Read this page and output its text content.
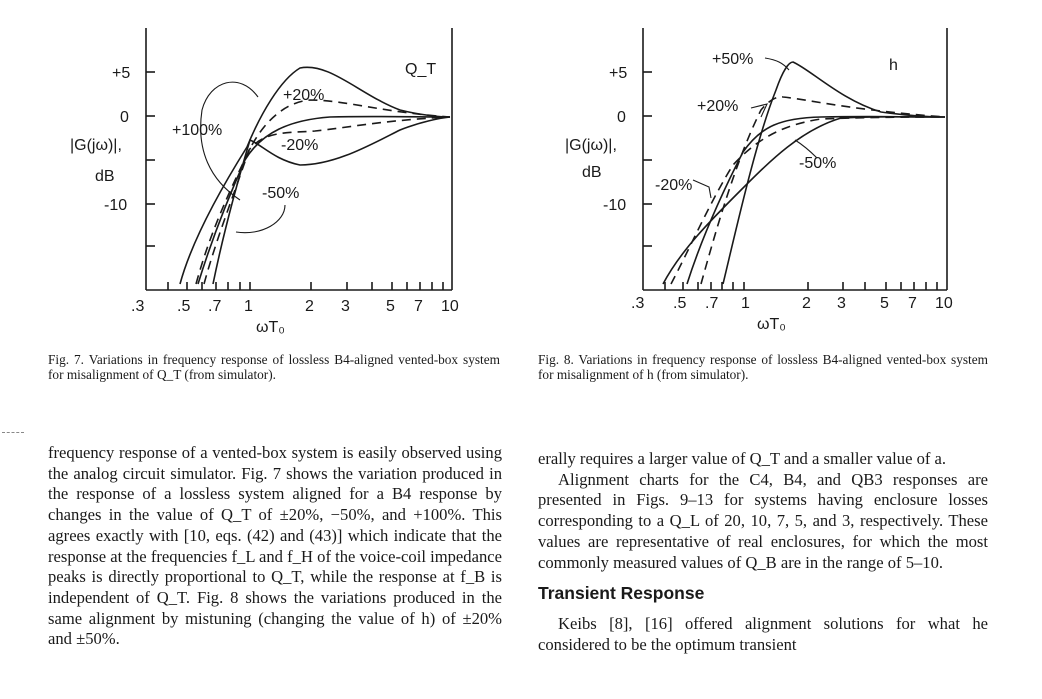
+5
0
-10
|G(jω)|,
dB
.3 .5 .7 1	2 3 5 7 10
ωT₀
Q_T
+100%
+20%
-20%
-50%
+5
0
-10
|G(jω)|,
dB
.3 .5 .7 1	2 3 5 7 10
ωT₀
h
+50%
+20%
-20%
-50%
Fig. 7. Variations in frequency response of lossless B4-aligned vented-box system for misalignment of Q_T (from simulator).
Fig. 8. Variations in frequency response of lossless B4-aligned vented-box system for misalignment of h (from simulator).

frequency response of a vented-box system is easily observed using the analog circuit simulator. Fig. 7 shows the variation produced in the response of a lossless system aligned for a B4 response by changes in the value of Q_T of ±20%, −50%, and +100%. This agrees exactly with [10, eqs. (42) and (43)] which indicate that the response at the frequencies f_L and f_H of the voice-coil impedance peaks is directly proportional to Q_T, while the response at f_B is independent of Q_T. Fig. 8 shows the variations produced in the same alignment by mistuning (changing the value of h) of ±20% and ±50%.

erally requires a larger value of Q_T and a smaller value of a.

Alignment charts for the C4, B4, and QB3 responses are presented in Figs. 9–13 for systems having enclosure losses corresponding to a Q_L of 20, 10, 7, 5, and 3, respectively. These values are representative of real enclosures, for which the most commonly measured values of Q_B are in the range of 5–10.

Transient Response

Keibs [8], [16] offered alignment solutions for what he considered to be the optimum transient
